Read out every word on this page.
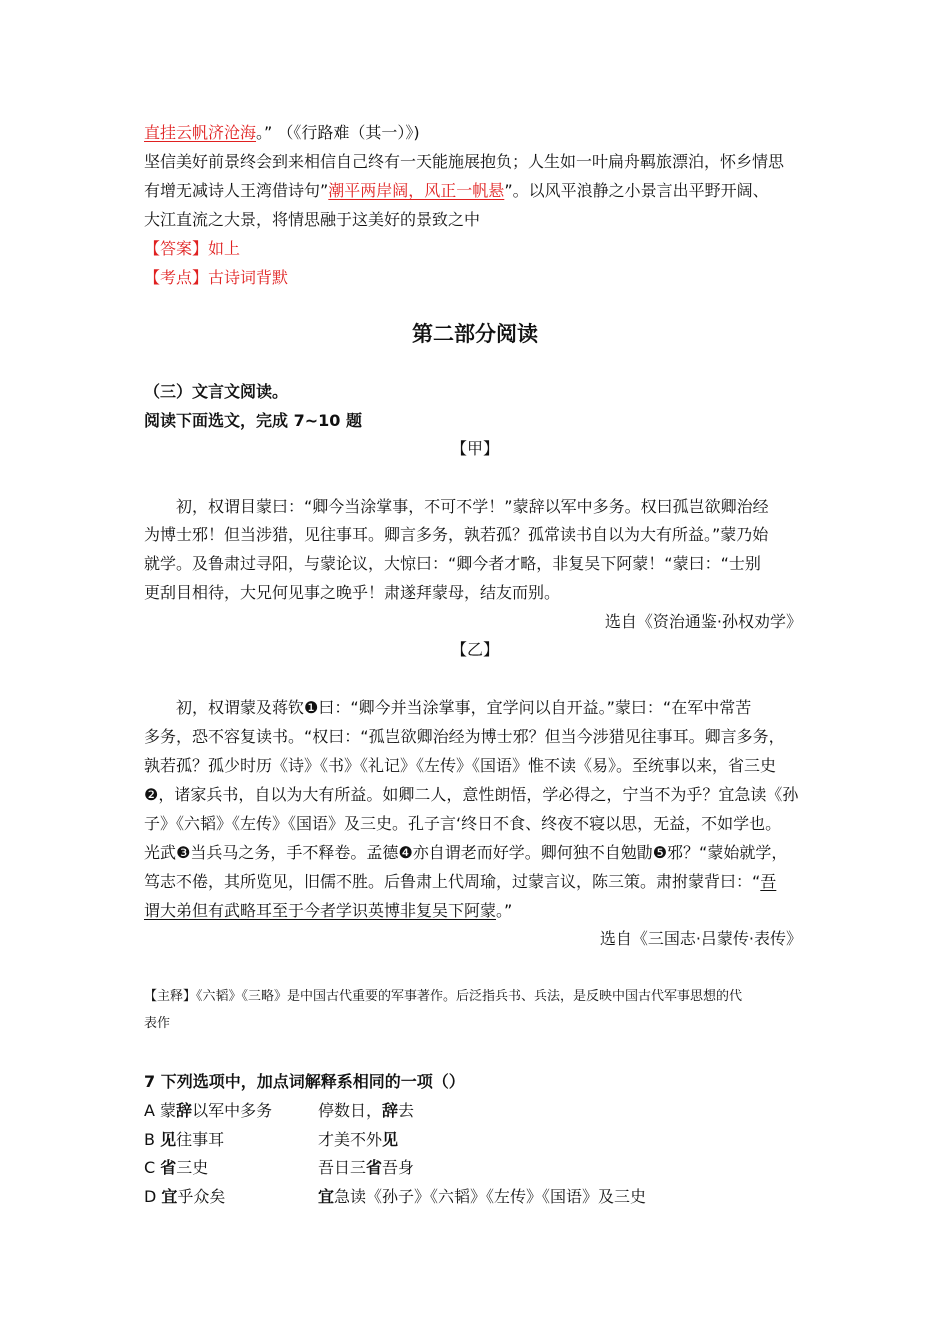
直挂云帆济沧海。” （《行路难（其一）》)
坚信美好前景终会到来相信自己终有一天能施展抱负；人生如一叶扁舟羁旅漂泊，怀乡情思
有增无减诗人王湾借诗句”潮平两岸阔，风正一帆悬”。以风平浪静之小景言出平野开阔、
大江直流之大景，将情思融于这美好的景致之中
【答案】如上
【考点】古诗词背默
第二部分阅读
（三）文言文阅读。
阅读下面选文，完成 7~10 题
【甲】
初，权谓目蒙曰：“卿今当涂掌事，不可不学！”蒙辞以军中多务。权曰孤岂欲卿治经
为博士邪！但当涉猎，见往事耳。卿言多务，孰若孤？孤常读书自以为大有所益。”蒙乃始
就学。及鲁肃过寻阳，与蒙论议，大惊曰：“卿今者才略，非复吴下阿蒙！“蒙曰：“士别
更刮目相待，大兄何见事之晚乎！肃遂拜蒙母，结友而别。
选自《资治通鉴·孙权劝学》
【乙】
初，权谓蒙及蒋钦❶曰：“卿今并当涂掌事，宜学问以自开益。”蒙曰：“在军中常苦
多务，恐不容复读书。“权曰：“孤岂欲卿治经为博士邪？但当今涉猎见往事耳。卿言多务，
孰若孤？孤少时历《诗》《书》《礼记》《左传》《国语》惟不读《易》。至统事以来，省三史
❷，诸家兵书，自以为大有所益。如卿二人，意性朗悟，学必得之，宁当不为乎？宜急读《孙
子》《六韬》《左传》《国语》及三史。孔子言‘终日不食、终夜不寝以思，无益，不如学也。
光武❸当兵马之务，手不释卷。孟德❹亦自谓老而好学。卿何独不自勉勖❺邪？“蒙始就学，
笃志不倦，其所览见，旧儒不胜。后鲁肃上代周瑜，过蒙言议，陈三策。肃拊蒙背曰：“吾
谓大弟但有武略耳至于今者学识英博非复吴下阿蒙。”
选自《三国志·吕蒙传·表传》
【主释】《六韬》《三略》是中国古代重要的军事著作。后泛指兵书、兵法，是反映中国古代军事思想的代
表作
7 下列选项中，加点词解释系相同的一项（）
A 蒙辞以军中多务	停数日，辞去
B 见往事耳	才美不外见
C 省三史	吾日三省吾身
D 宜乎众矣	宜急读《孙子》《六韬》《左传》《国语》及三史
